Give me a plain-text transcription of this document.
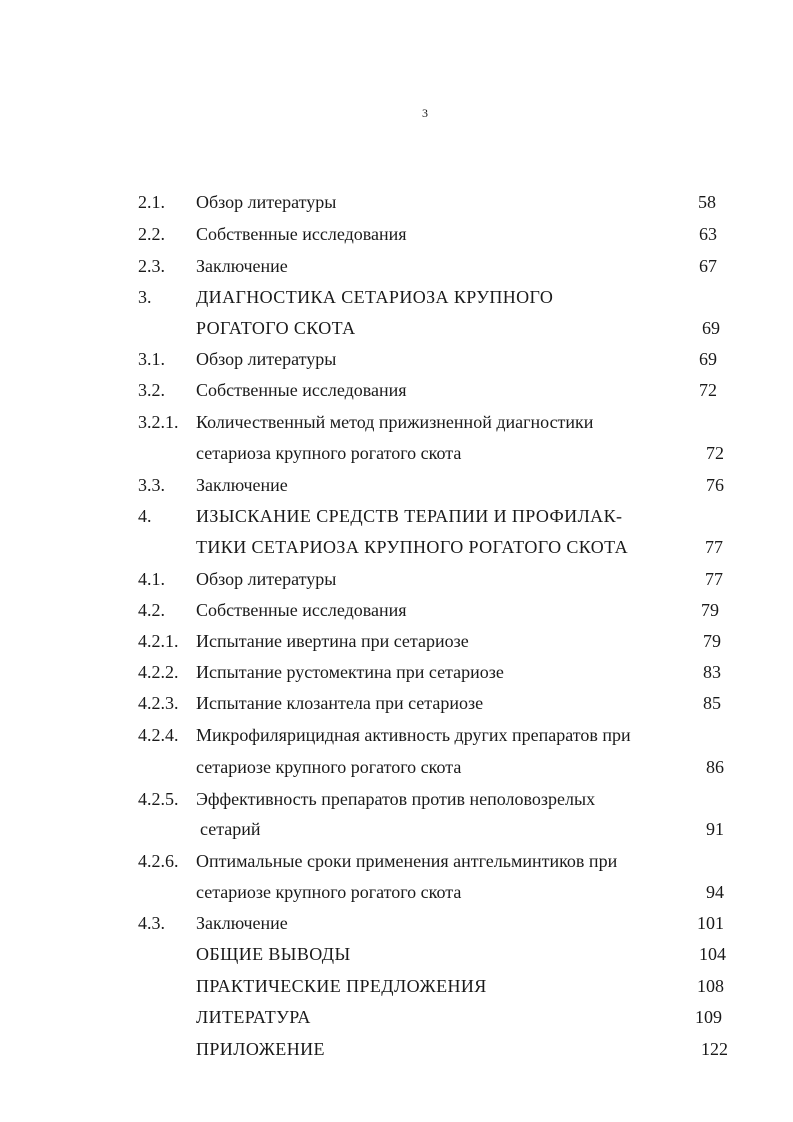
3
2.1. Обзор литературы	58
2.2. Собственные исследования	63
2.3. Заключение	67
3. ДИАГНОСТИКА СЕТАРИОЗА КРУПНОГО
РОГАТОГО СКОТА	69
3.1. Обзор литературы	69
3.2. Собственные исследования	72
3.2.1. Количественный метод прижизненной диагностики
сетариоза крупного рогатого скота	72
3.3. Заключение	76
4. ИЗЫСКАНИЕ СРЕДСТВ ТЕРАПИИ И ПРОФИЛАК-
ТИКИ СЕТАРИОЗА КРУПНОГО РОГАТОГО СКОТА	77
4.1. Обзор литературы	77
4.2. Собственные исследования	79
4.2.1. Испытание ивертина при сетариозе	79
4.2.2. Испытание рустомектина при сетариозе	83
4.2.3. Испытание клозантела при сетариозе	85
4.2.4. Микрофилярицидная активность других препаратов при
сетариозе крупного рогатого скота	86
4.2.5. Эффективность препаратов против неполовозрелых
сетарий	91
4.2.6. Оптимальные сроки применения антгельминтиков при
сетариозе крупного рогатого скота	94
4.3. Заключение	101
ОБЩИЕ ВЫВОДЫ	104
ПРАКТИЧЕСКИЕ ПРЕДЛОЖЕНИЯ	108
ЛИТЕРАТУРА	109
ПРИЛОЖЕНИЕ	122
